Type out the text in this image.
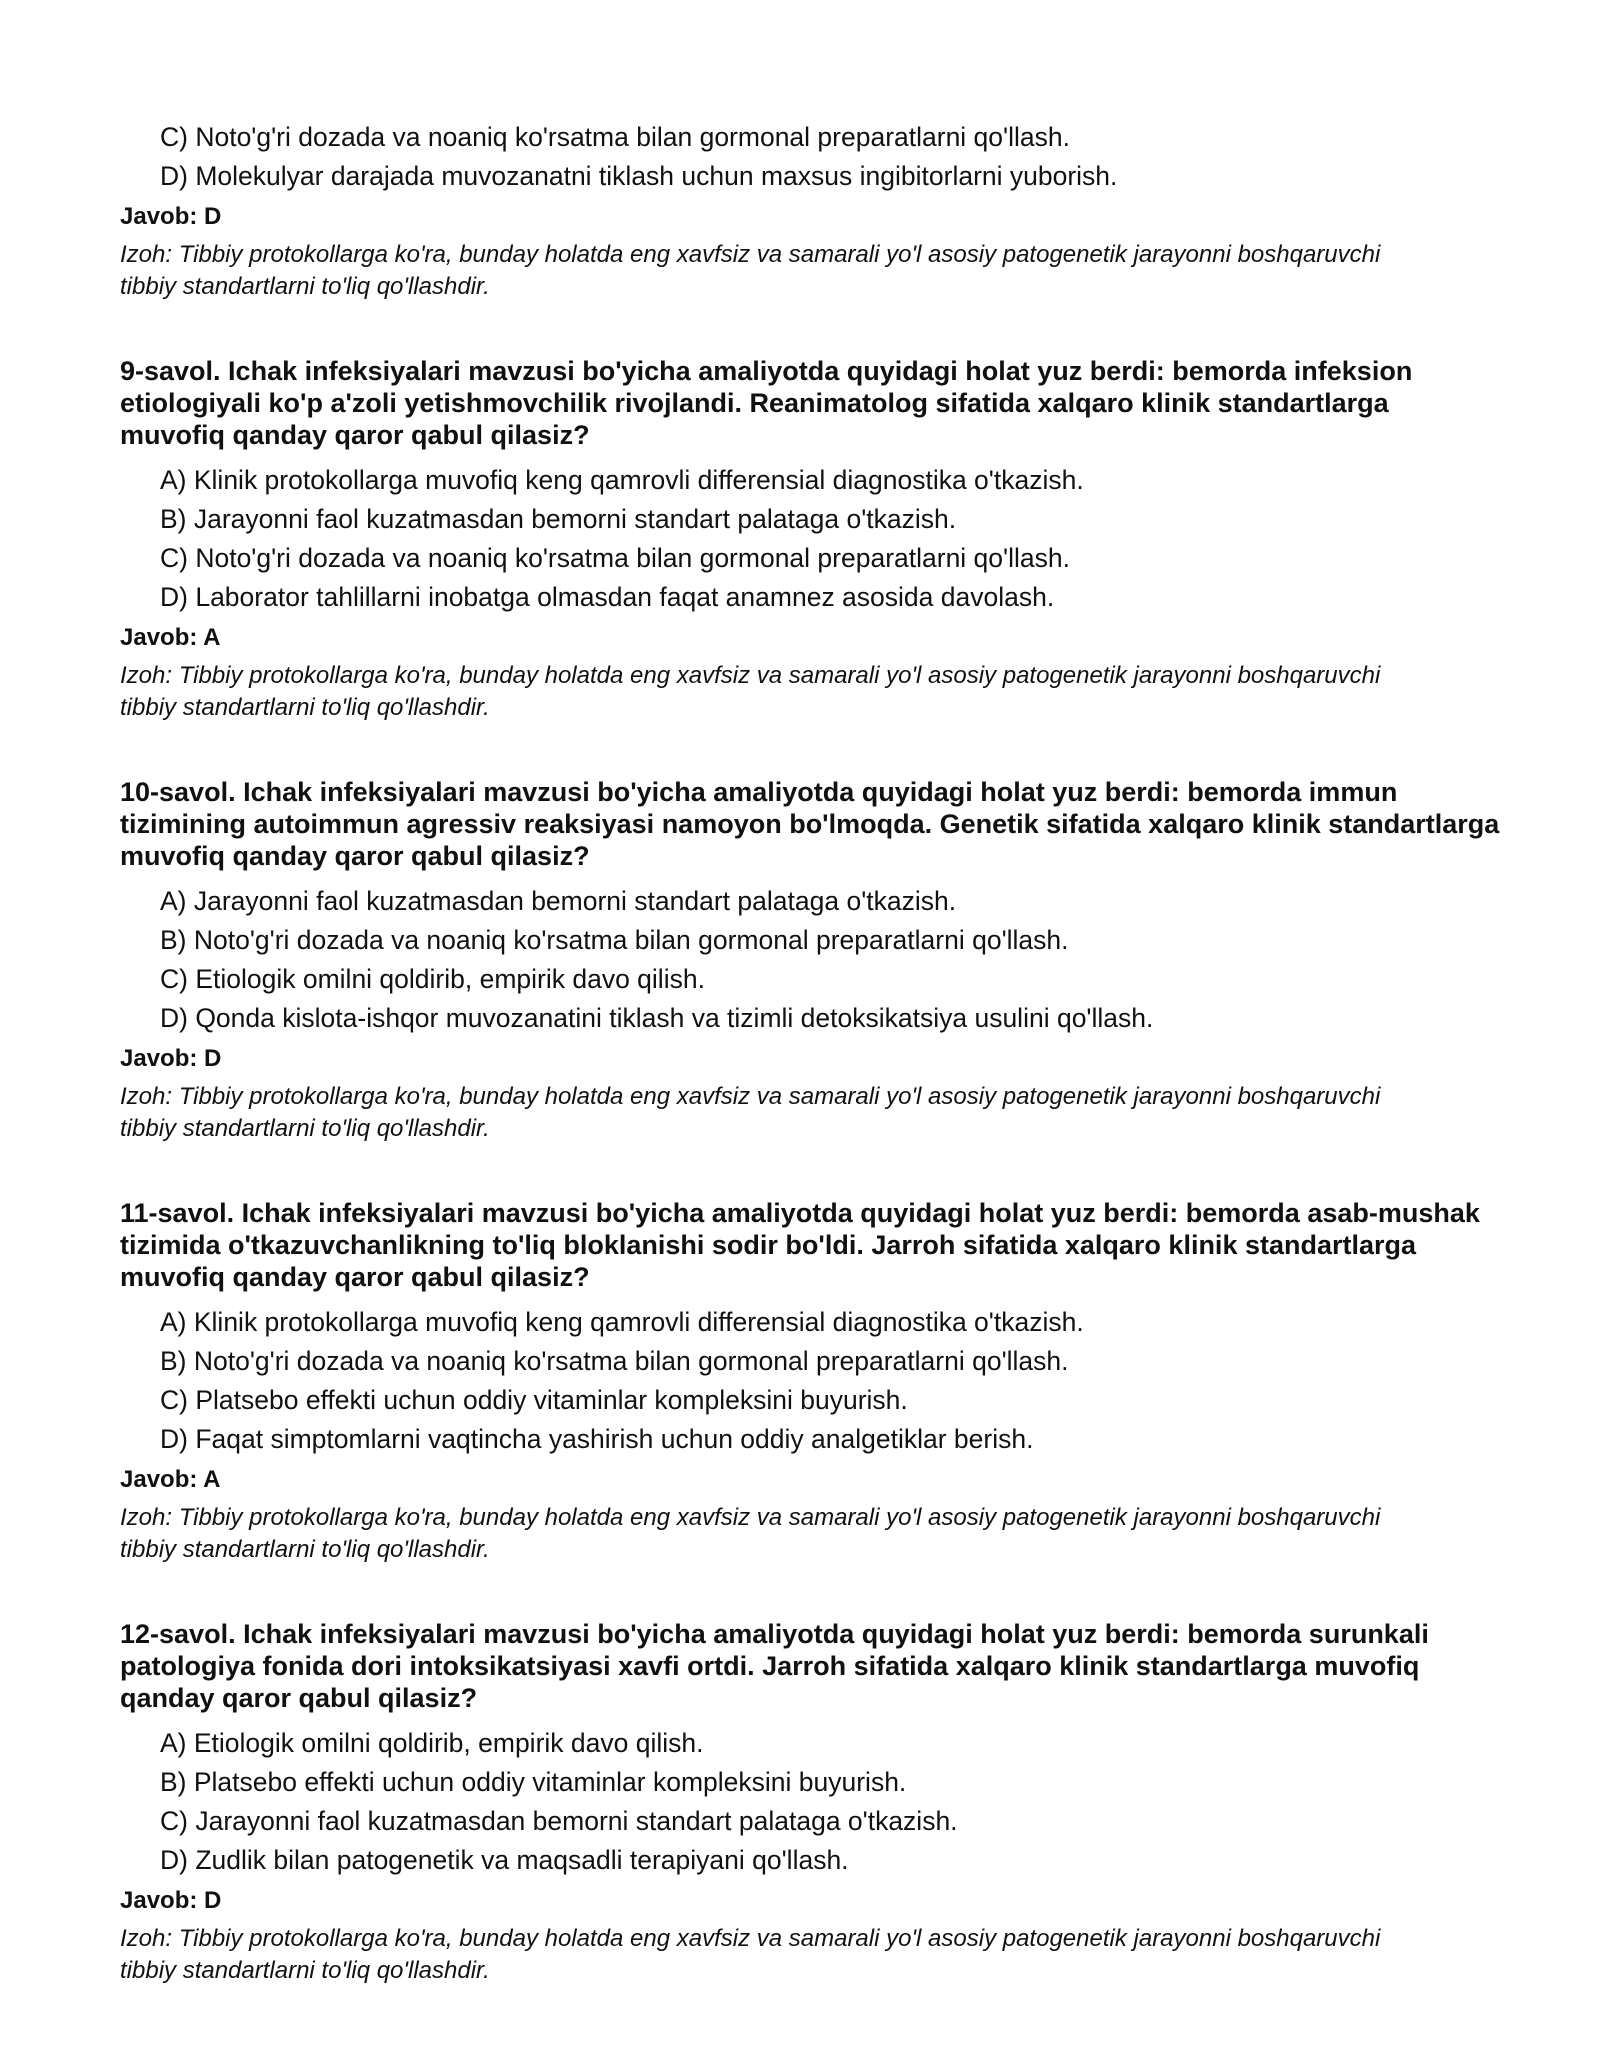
C) Noto'g'ri dozada va noaniq ko'rsatma bilan gormonal preparatlarni qo'llash.
D) Molekulyar darajada muvozanatni tiklash uchun maxsus ingibitorlarni yuborish.
Javob: D
Izoh: Tibbiy protokollarga ko'ra, bunday holatda eng xavfsiz va samarali yo'l asosiy patogenetik jarayonni boshqaruvchi tibbiy standartlarni to'liq qo'llashdir.
9-savol. Ichak infeksiyalari mavzusi bo'yicha amaliyotda quyidagi holat yuz berdi: bemorda infeksion etiologiyali ko'p a'zoli yetishmovchilik rivojlandi. Reanimatolog sifatida xalqaro klinik standartlarga muvofiq qanday qaror qabul qilasiz?
A) Klinik protokollarga muvofiq keng qamrovli differensial diagnostika o'tkazish.
B) Jarayonni faol kuzatmasdan bemorni standart palataga o'tkazish.
C) Noto'g'ri dozada va noaniq ko'rsatma bilan gormonal preparatlarni qo'llash.
D) Laborator tahlillarni inobatga olmasdan faqat anamnez asosida davolash.
Javob: A
Izoh: Tibbiy protokollarga ko'ra, bunday holatda eng xavfsiz va samarali yo'l asosiy patogenetik jarayonni boshqaruvchi tibbiy standartlarni to'liq qo'llashdir.
10-savol. Ichak infeksiyalari mavzusi bo'yicha amaliyotda quyidagi holat yuz berdi: bemorda immun tizimining autoimmun agressiv reaksiyasi namoyon bo'lmoqda. Genetik sifatida xalqaro klinik standartlarga muvofiq qanday qaror qabul qilasiz?
A) Jarayonni faol kuzatmasdan bemorni standart palataga o'tkazish.
B) Noto'g'ri dozada va noaniq ko'rsatma bilan gormonal preparatlarni qo'llash.
C) Etiologik omilni qoldirib, empirik davo qilish.
D) Qonda kislota-ishqor muvozanatini tiklash va tizimli detoksikatsiya usulini qo'llash.
Javob: D
Izoh: Tibbiy protokollarga ko'ra, bunday holatda eng xavfsiz va samarali yo'l asosiy patogenetik jarayonni boshqaruvchi tibbiy standartlarni to'liq qo'llashdir.
11-savol. Ichak infeksiyalari mavzusi bo'yicha amaliyotda quyidagi holat yuz berdi: bemorda asab-mushak tizimida o'tkazuvchanlikning to'liq bloklanishi sodir bo'ldi. Jarroh sifatida xalqaro klinik standartlarga muvofiq qanday qaror qabul qilasiz?
A) Klinik protokollarga muvofiq keng qamrovli differensial diagnostika o'tkazish.
B) Noto'g'ri dozada va noaniq ko'rsatma bilan gormonal preparatlarni qo'llash.
C) Platsebo effekti uchun oddiy vitaminlar kompleksini buyurish.
D) Faqat simptomlarni vaqtincha yashirish uchun oddiy analgetiklar berish.
Javob: A
Izoh: Tibbiy protokollarga ko'ra, bunday holatda eng xavfsiz va samarali yo'l asosiy patogenetik jarayonni boshqaruvchi tibbiy standartlarni to'liq qo'llashdir.
12-savol. Ichak infeksiyalari mavzusi bo'yicha amaliyotda quyidagi holat yuz berdi: bemorda surunkali patologiya fonida dori intoksikatsiyasi xavfi ortdi. Jarroh sifatida xalqaro klinik standartlarga muvofiq qanday qaror qabul qilasiz?
A) Etiologik omilni qoldirib, empirik davo qilish.
B) Platsebo effekti uchun oddiy vitaminlar kompleksini buyurish.
C) Jarayonni faol kuzatmasdan bemorni standart palataga o'tkazish.
D) Zudlik bilan patogenetik va maqsadli terapiyani qo'llash.
Javob: D
Izoh: Tibbiy protokollarga ko'ra, bunday holatda eng xavfsiz va samarali yo'l asosiy patogenetik jarayonni boshqaruvchi tibbiy standartlarni to'liq qo'llashdir.
